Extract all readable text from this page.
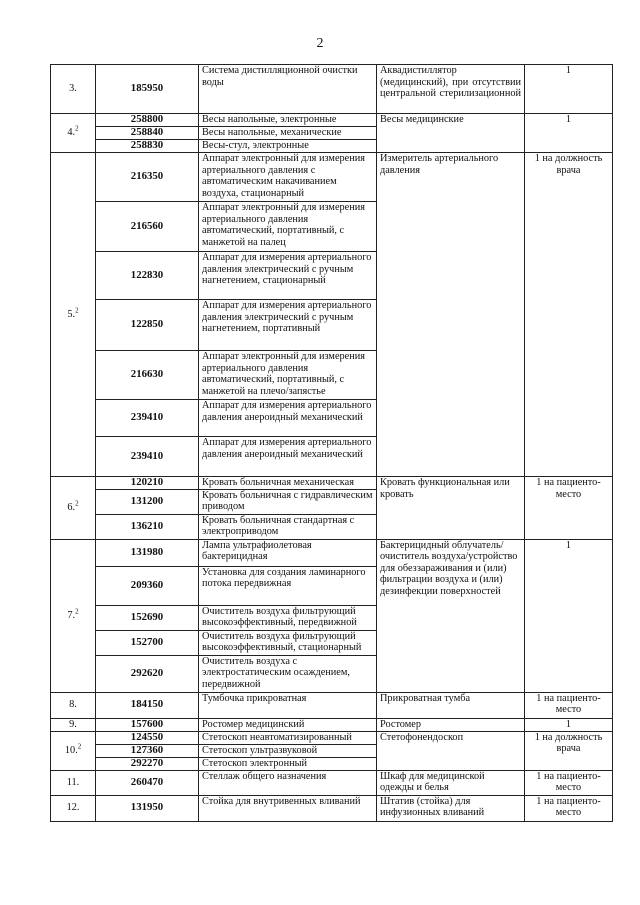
2
3.	185950	Система дистилляционной очистки воды	Аквадистиллятор (медицинский), при отсутствии центральной стерилизационной	1
4.$^2$	258800	Весы напольные, электронные	Весы медицинские	1
	258840	Весы напольные, механические		
	258830	Весы-стул, электронные		
5.$^2$	216350	Аппарат электронный для измерения артериального давления с автоматическим накачиванием воздуха, стационарный	Измеритель артериального давления	1 на должность врача
	216560	Аппарат электронный для измерения артериального давления автоматический, портативный, с манжетой на палец		
	122830	Аппарат для измерения артериального давления электрический с ручным нагнетением, стационарный		
	122850	Аппарат для измерения артериального давления электрический с ручным нагнетением, портативный		
	216630	Аппарат электронный для измерения артериального давления автоматический, портативный, с манжетой на плечо/запястье		
	239410	Аппарат для измерения артериального давления анероидный механический		
	239410	Аппарат для измерения артериального давления анероидный механический		
6.$^2$	120210	Кровать больничная механическая	Кровать функциональная или кровать	1 на пациенто-место
	131200	Кровать больничная с гидравлическим приводом		
	136210	Кровать больничная стандартная с электроприводом		
7.$^2$	131980	Лампа ультрафиолетовая бактерицидная	Бактерицидный облучатель/очиститель воздуха/устройство для обеззараживания и (или) фильтрации воздуха и (или) дезинфекции поверхностей	1
	209360	Установка для создания ламинарного потока передвижная		
	152690	Очиститель воздуха фильтрующий высокоэффективный, передвижной		
	152700	Очиститель воздуха фильтрующий высокоэффективный, стационарный		
	292620	Очиститель воздуха с электростатическим осаждением, передвижной		
8.	184150	Тумбочка прикроватная	Прикроватная тумба	1 на пациенто-место
9.	157600	Ростомер медицинский	Ростомер	1
10.$^2$	124550	Стетоскоп неавтоматизированный	Стетофонендоскоп	1 на должность врача
	127360	Стетоскоп ультразвуковой		
	292270	Стетоскоп электронный		
11.	260470	Стеллаж общего назначения	Шкаф для медицинской одежды и белья	1 на пациенто-место
12.	131950	Стойка для внутривенных вливаний	Штатив (стойка) для инфузионных вливаний	1 на пациенто-место
